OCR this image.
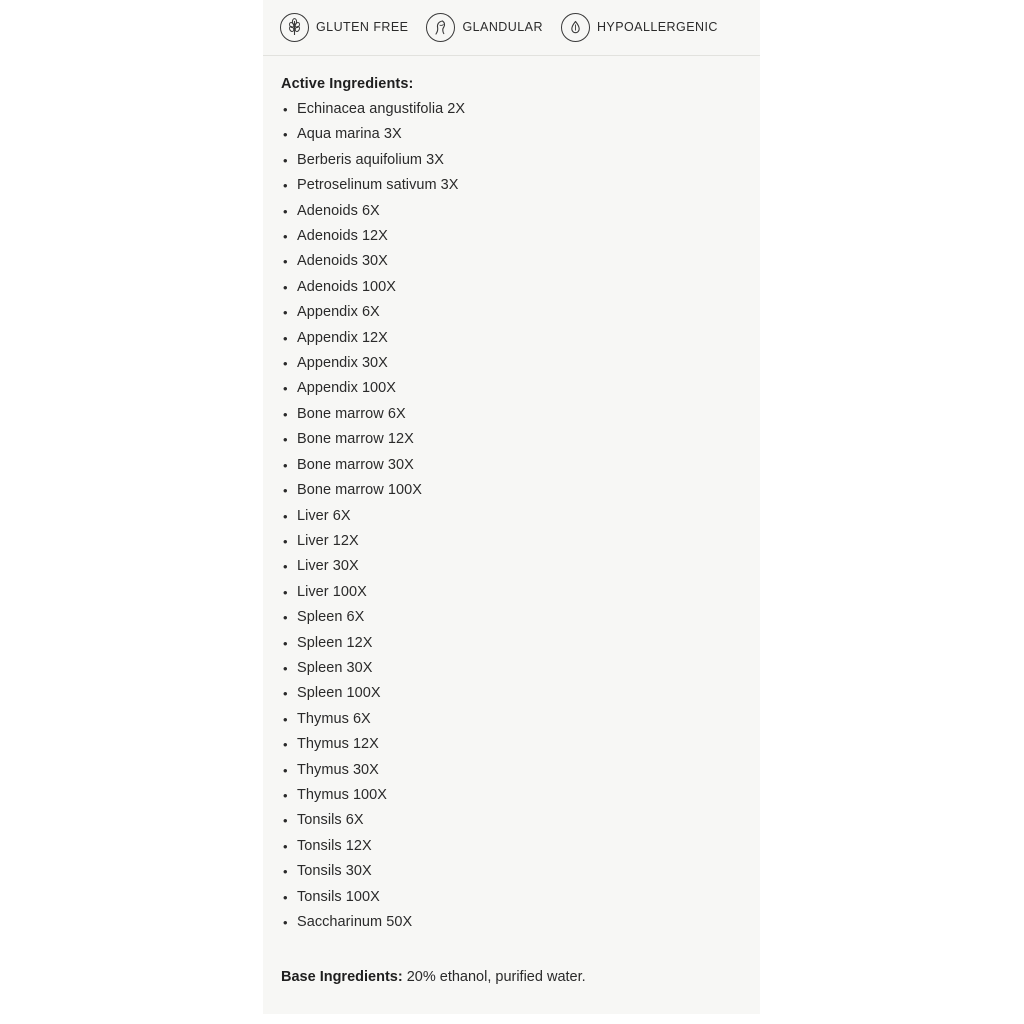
GLUTEN FREE	GLANDULAR	HYPOALLERGENIC
Active Ingredients:
• Echinacea angustifolia 2X
• Aqua marina 3X
• Berberis aquifolium 3X
• Petroselinum sativum 3X
• Adenoids 6X
• Adenoids 12X
• Adenoids 30X
• Adenoids 100X
• Appendix 6X
• Appendix 12X
• Appendix 30X
• Appendix 100X
• Bone marrow 6X
• Bone marrow 12X
• Bone marrow 30X
• Bone marrow 100X
• Liver 6X
• Liver 12X
• Liver 30X
• Liver 100X
• Spleen 6X
• Spleen 12X
• Spleen 30X
• Spleen 100X
• Thymus 6X
• Thymus 12X
• Thymus 30X
• Thymus 100X
• Tonsils 6X
• Tonsils 12X
• Tonsils 30X
• Tonsils 100X
• Saccharinum 50X
Base Ingredients: 20% ethanol, purified water.
